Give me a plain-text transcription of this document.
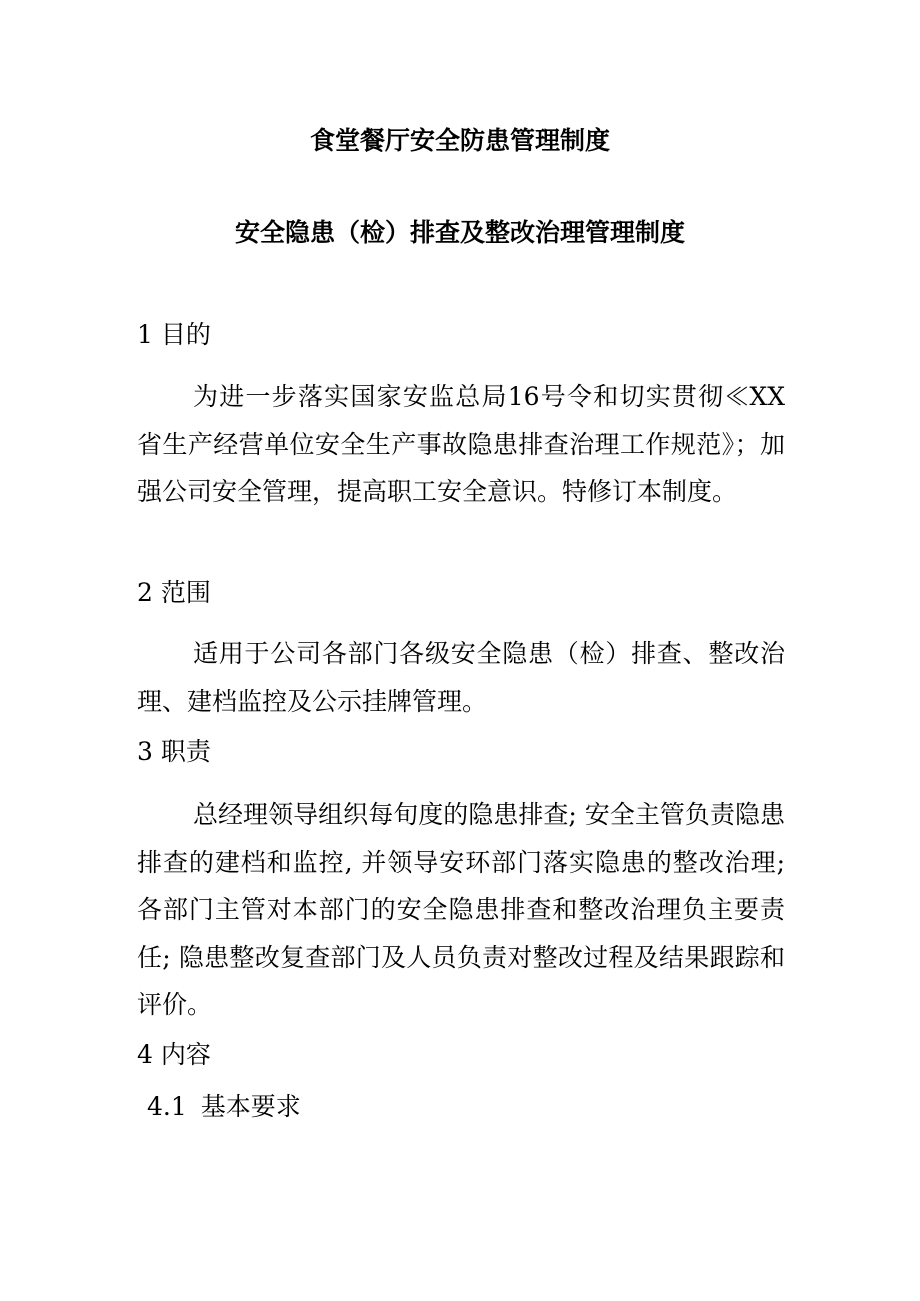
食堂餐厅安全防患管理制度
安全隐患（检）排查及整改治理管理制度
1 目的

为进一步落实国家安监总局16号令和切实贯彻≪XX省生产经营单位安全生产事故隐患排查治理工作规范》；加强公司安全管理，提高职工安全意识。特修订本制度。

2 范围

适用于公司各部门各级安全隐患（检）排查、整改治理、建档监控及公示挂牌管理。

3 职责

总经理领导组织每旬度的隐患排查; 安全主管负责隐患排查的建档和监控, 并领导安环部门落实隐患的整改治理; 各部门主管对本部门的安全隐患排查和整改治理负主要责任; 隐患整改复查部门及人员负责对整改过程及结果跟踪和评价。

4 内容
4.1 基本要求
